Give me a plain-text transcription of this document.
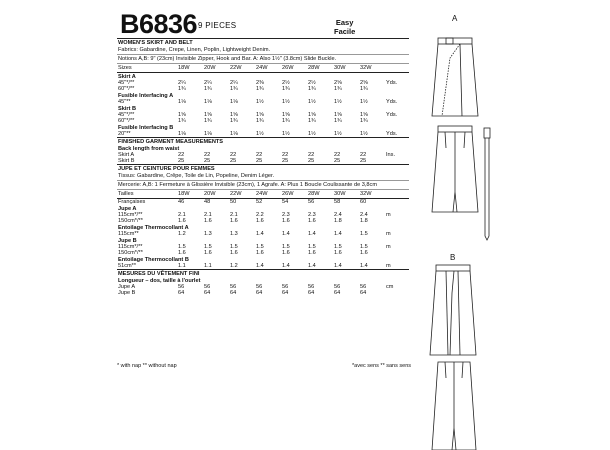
B6836 9 PIECES	Easy
Facile
WOMEN'S SKIRT AND BELT									
Fabrics: Gabardine, Crepe, Linen, Poplin, Lightweight Denim.									
Notions A,B: 9" (23cm) Invisible Zipper, Hook and Bar. A: Also 1½" (3.8cm) Slide Buckle.									
Sizes	18W	20W	22W	24W	26W	28W	30W	32W	
Skirt A									
45"*/**	2¼	2¼	2¼	2⅜	2½	2½	2⅝	2⅝	Yds.
60"*/**	1¾	1¾	1¾	1¾	1¾	1¾	1¾	1¾	
Fusible Interfacing A									
45"**	1⅛	1⅛	1⅛	1½	1½	1½	1½	1½	Yds.
Skirt B									
45"*/**	1⅝	1⅝	1⅝	1⅝	1⅝	1⅝	1⅝	1⅝	Yds.
60"*/**	1¾	1¾	1¾	1¾	1¾	1¾	1¾	1¾	
Fusible Interfacing B									
20"**	1⅛	1⅛	1⅛	1½	1½	1½	1½	1½	Yds.
FINISHED GARMENT MEASUREMENTS									
Back length from waist									
Skirt A	22	22	22	22	22	22	22	22	Ins.
Skirt B	25	25	25	25	25	25	25	25	
JUPE ET CEINTURE POUR FEMMES									
Tissus: Gabardine, Crêpe, Toile de Lin, Popeline, Denim Léger.									
Mercerie: A,B: 1 Fermeture à Glissière Invisible (23cm), 1 Agrafe. A: Plus 1 Boucle Coulissante de 3,8cm									
Tailles	18W	20W	22W	24W	26W	28W	30W	32W	
Françaises	46	48	50	52	54	56	58	60	
Jupe A									
115cm*/**	2.1	2.1	2.1	2.2	2.3	2.3	2.4	2.4	m
150cm*/**	1.6	1.6	1.6	1.6	1.6	1.6	1.8	1.8	
Entoilage Thermocollant A									
115cm**	1.2	1.3	1.3	1.4	1.4	1.4	1.4	1.5	m
Jupe B									
115cm*/**	1.5	1.5	1.5	1.5	1.5	1.5	1.5	1.5	m
150cm*/**	1.6	1.6	1.6	1.6	1.6	1.6	1.6	1.6	
Entoilage Thermocollant B									
51cm**	1.1	1.1	1.2	1.4	1.4	1.4	1.4	1.4	m
MESURES DU VÊTEMENT FINI									
Longueur – dos, taille à l'ourlet									
Jupe A	56	56	56	56	56	56	56	56	cm
Jupe B	64	64	64	64	64	64	64	64	
* with nap ** without nap	*avec sens ** sans sens
A
B
